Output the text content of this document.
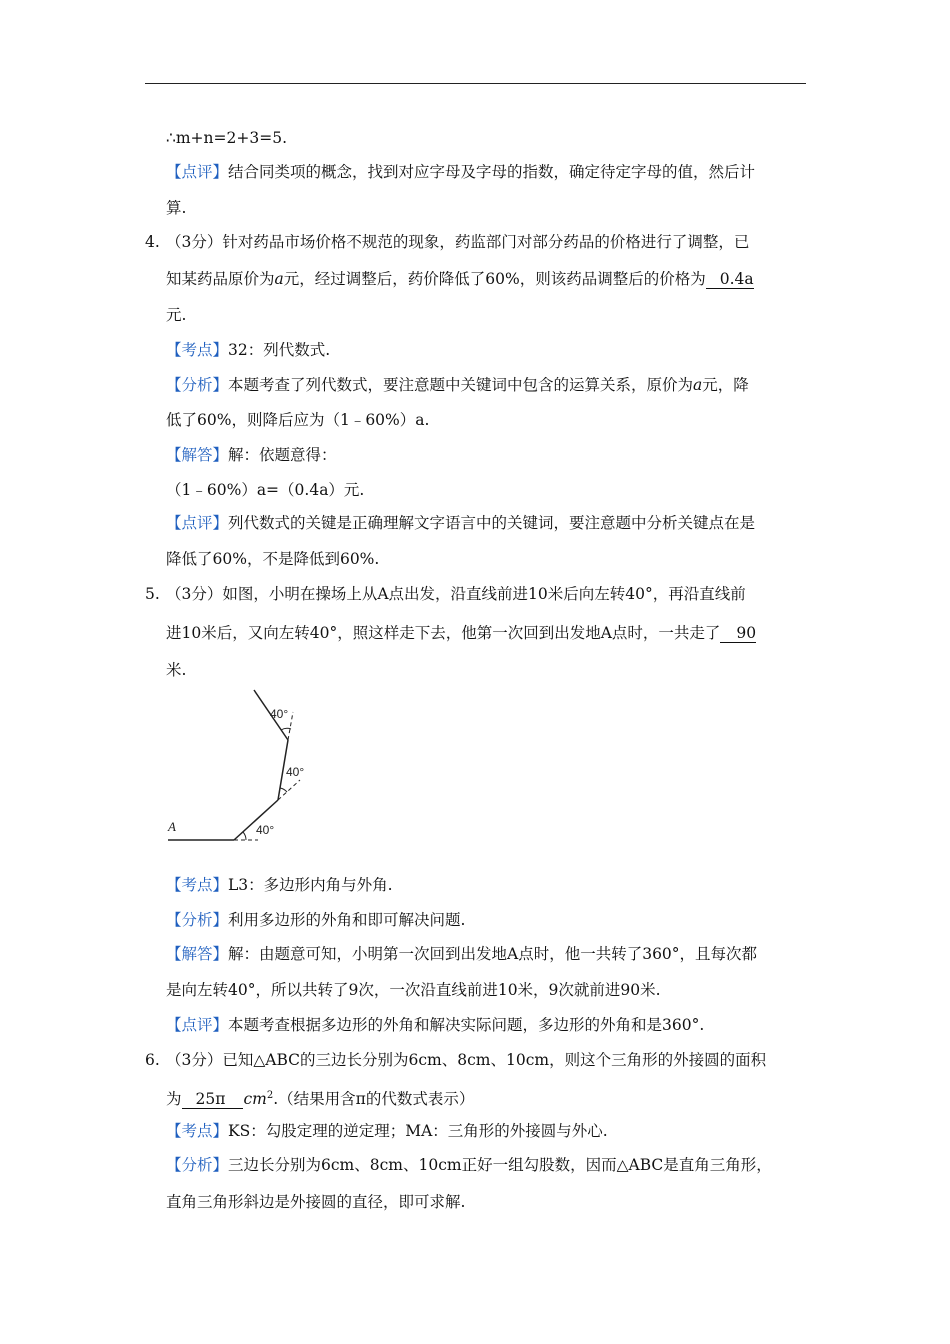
∴m+n=2+3=5.
【点评】结合同类项的概念，找到对应字母及字母的指数，确定待定字母的值，然后计
算.
4. （3分）针对药品市场价格不规范的现象，药监部门对部分药品的价格进行了调整，已
知某药品原价为a元，经过调整后，药价降低了60%，则该药品调整后的价格为 0.4a
元.
【考点】32：列代数式.
【分析】本题考查了列代数式，要注意题中关键词中包含的运算关系，原价为a元，降
低了60%，则降后应为（1﹣60%）a.
【解答】解：依题意得：
（1﹣60%）a=（0.4a）元.
【点评】列代数式的关键是正确理解文字语言中的关键词，要注意题中分析关键点在是
降低了60%，不是降低到60%.
5. （3分）如图，小明在操场上从A点出发，沿直线前进10米后向左转40°，再沿直线前
进10米后，又向左转40°，照这样走下去，他第一次回到出发地A点时，一共走了 90
米.
40°
40°
40°
A
【考点】L3：多边形内角与外角.
【分析】利用多边形的外角和即可解决问题.
【解答】解：由题意可知，小明第一次回到出发地A点时，他一共转了360°，且每次都
是向左转40°，所以共转了9次，一次沿直线前进10米，9次就前进90米.
【点评】本题考查根据多边形的外角和解决实际问题，多边形的外角和是360°.
6. （3分）已知△ABC的三边长分别为6cm、8cm、10cm，则这个三角形的外接圆的面积
为 25π $cm^2$.（结果用含π的代数式表示）
【考点】KS：勾股定理的逆定理；MA：三角形的外接圆与外心.
【分析】三边长分别为6cm、8cm、10cm正好一组勾股数，因而△ABC是直角三角形，
直角三角形斜边是外接圆的直径，即可求解.
